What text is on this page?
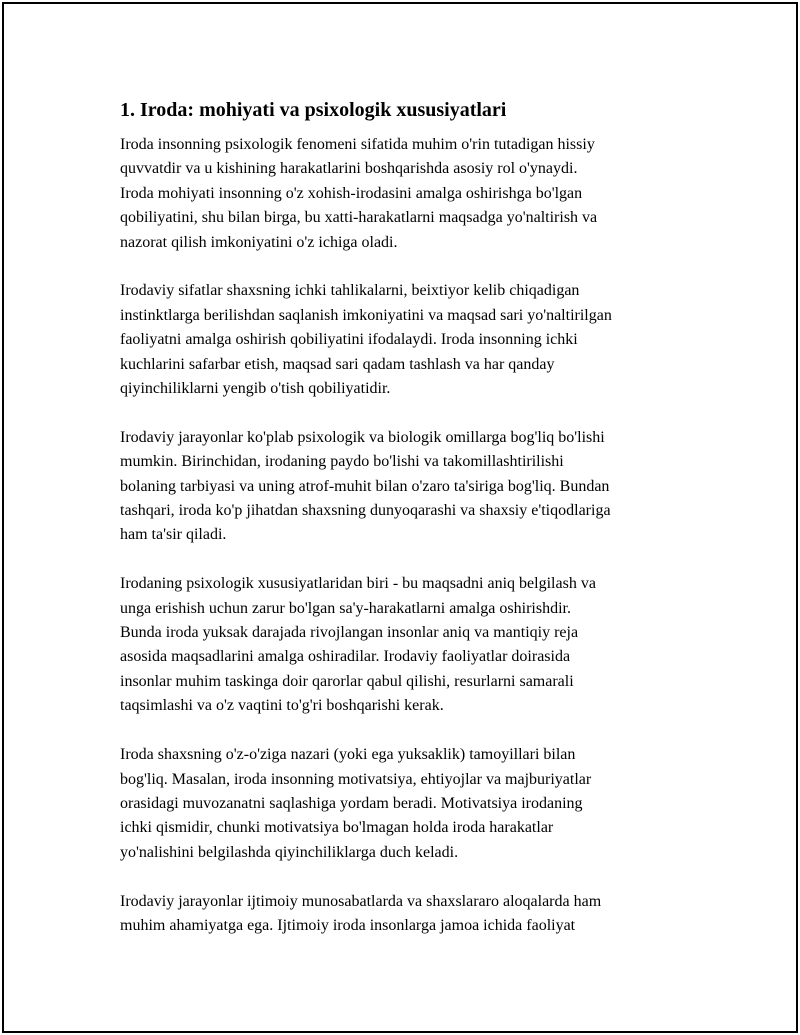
1. Iroda: mohiyati va psixologik xususiyatlari

Iroda insonning psixologik fenomeni sifatida muhim o'rin tutadigan hissiy
quvvatdir va u kishining harakatlarini boshqarishda asosiy rol o'ynaydi.
Iroda mohiyati insonning o'z xohish-irodasini amalga oshirishga bo'lgan
qobiliyatini, shu bilan birga, bu xatti-harakatlarni maqsadga yo'naltirish va
nazorat qilish imkoniyatini o'z ichiga oladi.

Irodaviy sifatlar shaxsning ichki tahlikalarni, beixtiyor kelib chiqadigan
instinktlarga berilishdan saqlanish imkoniyatini va maqsad sari yo'naltirilgan
faoliyatni amalga oshirish qobiliyatini ifodalaydi. Iroda insonning ichki
kuchlarini safarbar etish, maqsad sari qadam tashlash va har qanday
qiyinchiliklarni yengib o'tish qobiliyatidir.

Irodaviy jarayonlar ko'plab psixologik va biologik omillarga bog'liq bo'lishi
mumkin. Birinchidan, irodaning paydo bo'lishi va takomillashtirilishi
bolaning tarbiyasi va uning atrof-muhit bilan o'zaro ta'siriga bog'liq. Bundan
tashqari, iroda ko'p jihatdan shaxsning dunyoqarashi va shaxsiy e'tiqodlariga
ham ta'sir qiladi.

Irodaning psixologik xususiyatlaridan biri - bu maqsadni aniq belgilash va
unga erishish uchun zarur bo'lgan sa'y-harakatlarni amalga oshirishdir.
Bunda iroda yuksak darajada rivojlangan insonlar aniq va mantiqiy reja
asosida maqsadlarini amalga oshiradilar. Irodaviy faoliyatlar doirasida
insonlar muhim taskinga doir qarorlar qabul qilishi, resurlarni samarali
taqsimlashi va o'z vaqtini to'g'ri boshqarishi kerak.

Iroda shaxsning o'z-o'ziga nazari (yoki ega yuksaklik) tamoyillari bilan
bog'liq. Masalan, iroda insonning motivatsiya, ehtiyojlar va majburiyatlar
orasidagi muvozanatni saqlashiga yordam beradi. Motivatsiya irodaning
ichki qismidir, chunki motivatsiya bo'lmagan holda iroda harakatlar
yo'nalishini belgilashda qiyinchiliklarga duch keladi.

Irodaviy jarayonlar ijtimoiy munosabatlarda va shaxslararo aloqalarda ham
muhim ahamiyatga ega. Ijtimoiy iroda insonlarga jamoa ichida faoliyat
